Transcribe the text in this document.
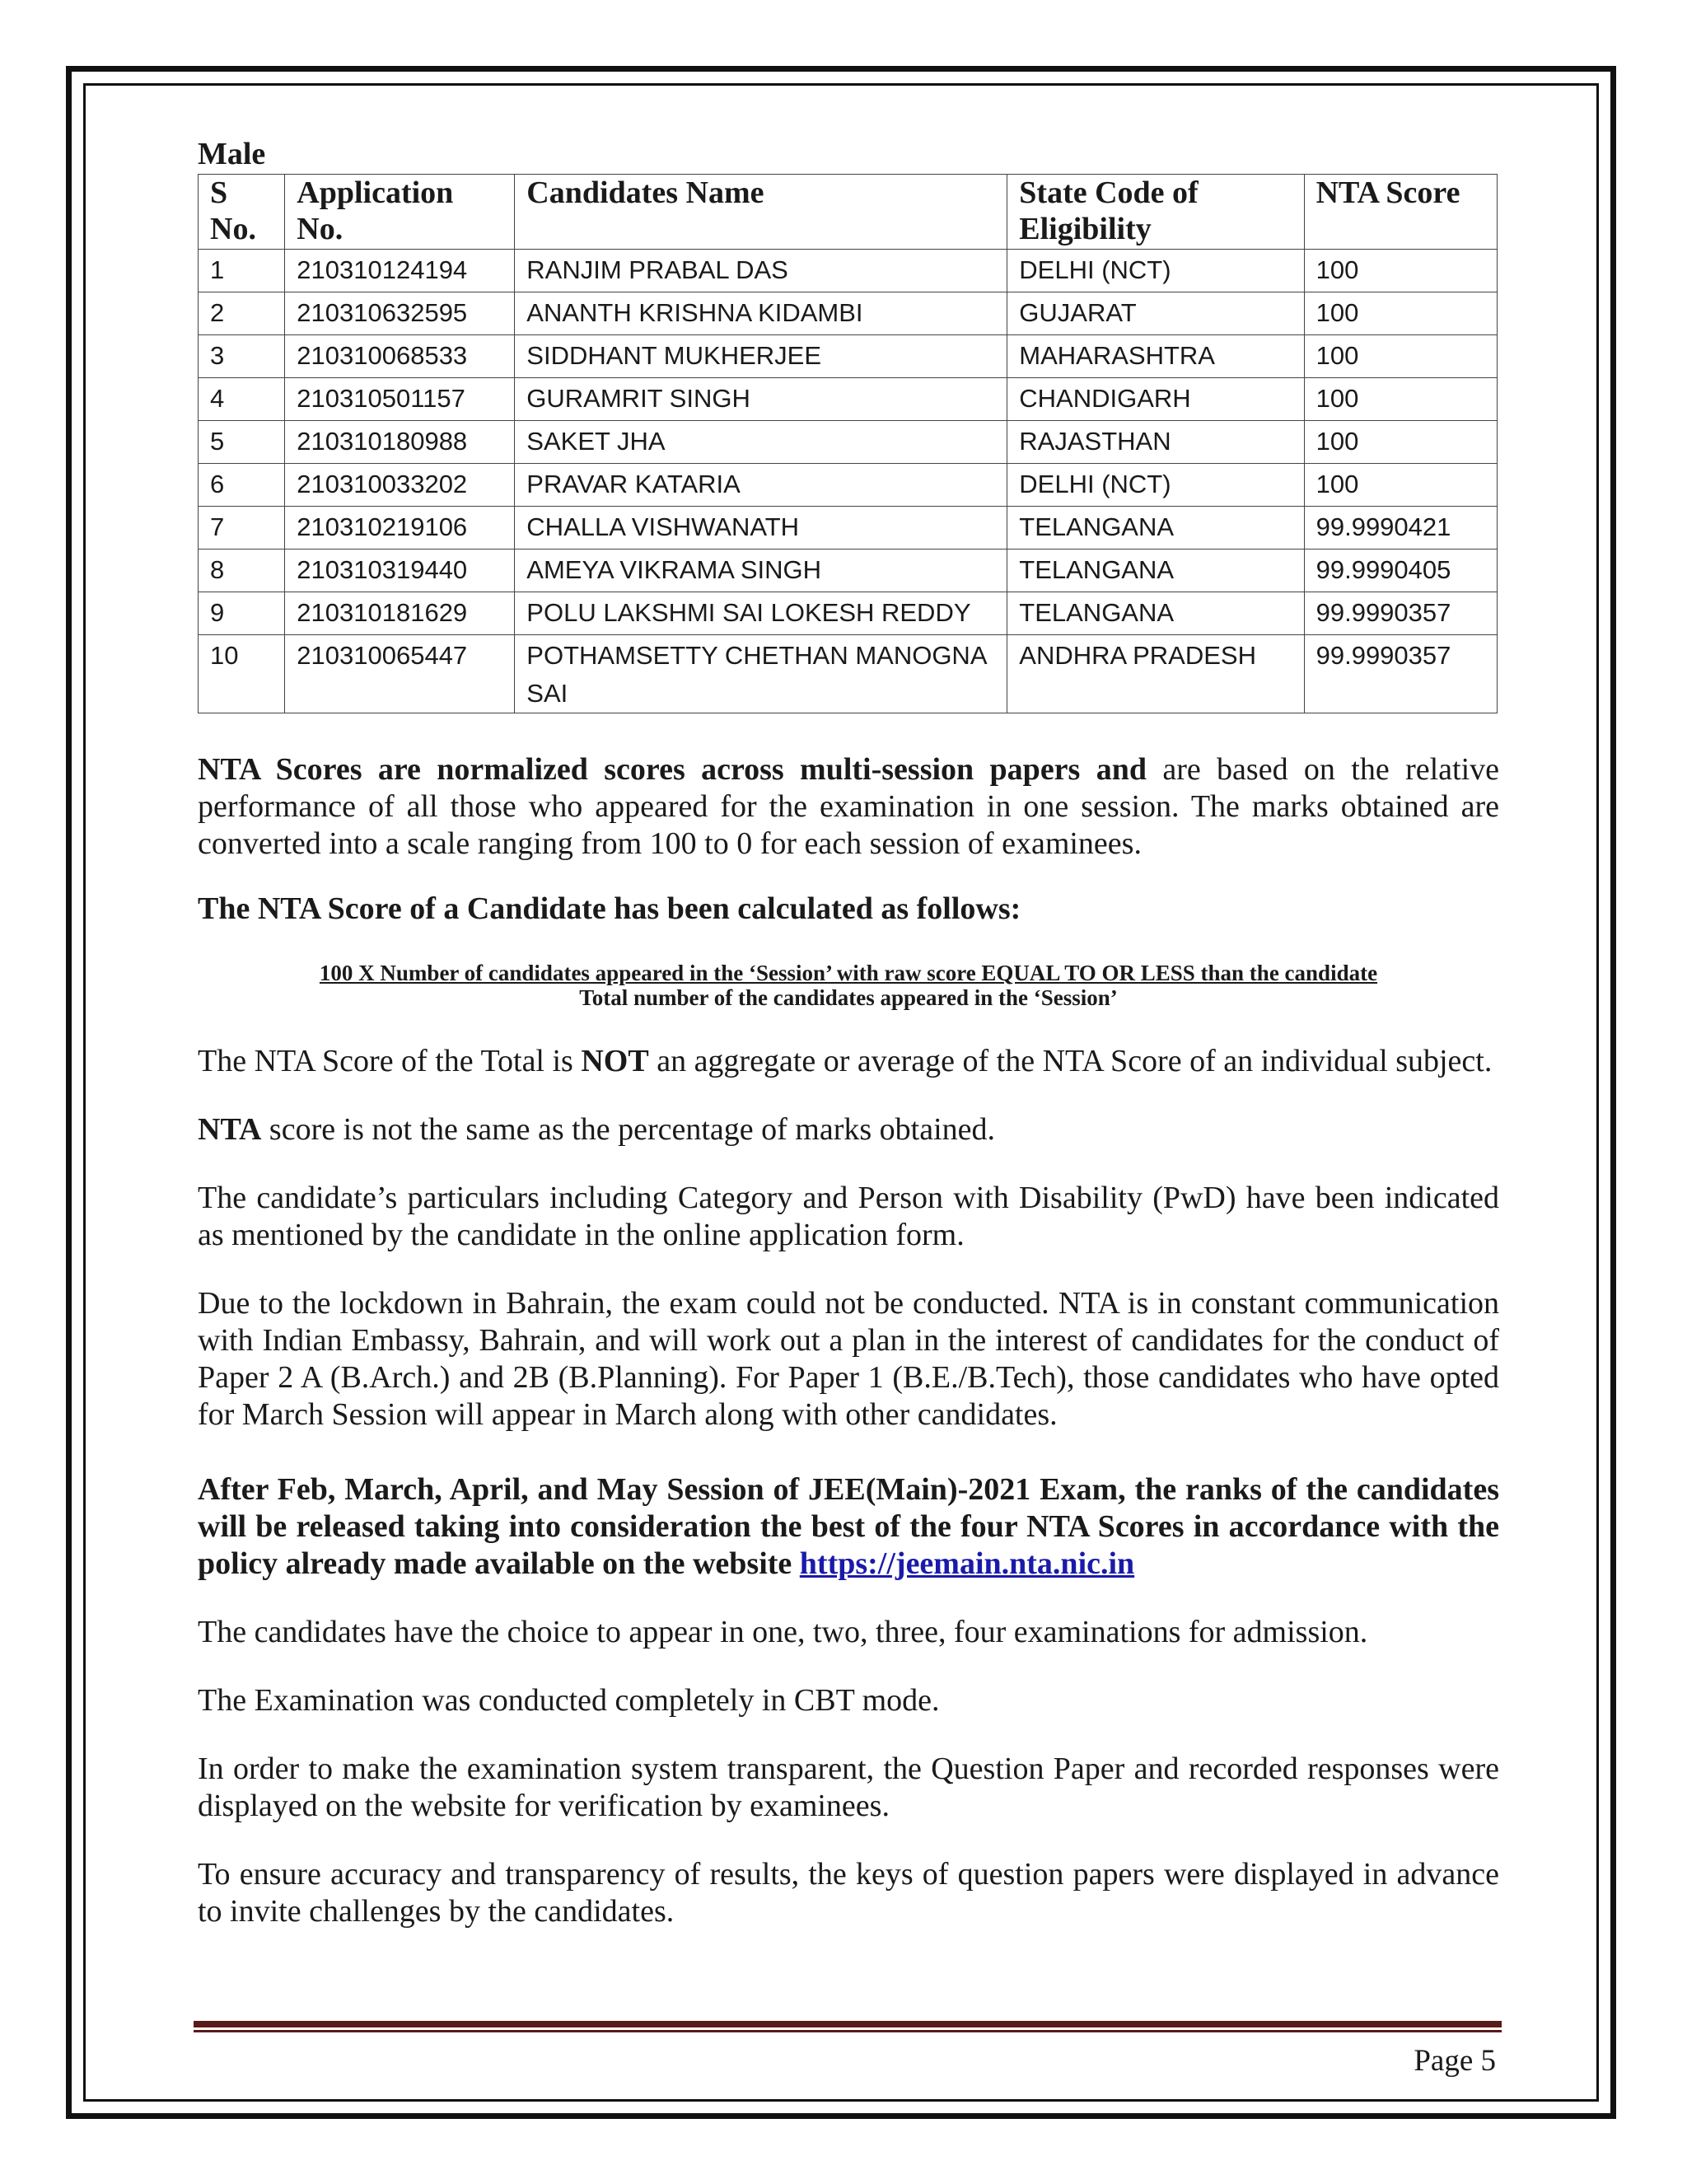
Male
S No.	Application No.	Candidates Name	State Code of Eligibility	NTA Score
1	210310124194	RANJIM PRABAL DAS	DELHI (NCT)	100
2	210310632595	ANANTH KRISHNA KIDAMBI	GUJARAT	100
3	210310068533	SIDDHANT MUKHERJEE	MAHARASHTRA	100
4	210310501157	GURAMRIT SINGH	CHANDIGARH	100
5	210310180988	SAKET JHA	RAJASTHAN	100
6	210310033202	PRAVAR KATARIA	DELHI (NCT)	100
7	210310219106	CHALLA VISHWANATH	TELANGANA	99.9990421
8	210310319440	AMEYA VIKRAMA SINGH	TELANGANA	99.9990405
9	210310181629	POLU LAKSHMI SAI LOKESH REDDY	TELANGANA	99.9990357
10	210310065447	POTHAMSETTY CHETHAN MANOGNA SAI	ANDHRA PRADESH	99.9990357

NTA Scores are normalized scores across multi-session papers and are based on the relative performance of all those who appeared for the examination in one session. The marks obtained are converted into a scale ranging from 100 to 0 for each session of examinees.

The NTA Score of a Candidate has been calculated as follows:

100 X Number of candidates appeared in the ‘Session’ with raw score EQUAL TO OR LESS than the candidate
Total number of the candidates appeared in the ‘Session’

The NTA Score of the Total is NOT an aggregate or average of the NTA Score of an individual subject.

NTA score is not the same as the percentage of marks obtained.

The candidate’s particulars including Category and Person with Disability (PwD) have been indicated as mentioned by the candidate in the online application form.

Due to the lockdown in Bahrain, the exam could not be conducted. NTA is in constant communication with Indian Embassy, Bahrain, and will work out a plan in the interest of candidates for the conduct of Paper 2 A (B.Arch.) and 2B (B.Planning). For Paper 1 (B.E./B.Tech), those candidates who have opted for March Session will appear in March along with other candidates.

After Feb, March, April, and May Session of JEE(Main)-2021 Exam, the ranks of the candidates will be released taking into consideration the best of the four NTA Scores in accordance with the policy already made available on the website https://jeemain.nta.nic.in

The candidates have the choice to appear in one, two, three, four examinations for admission.

The Examination was conducted completely in CBT mode.

In order to make the examination system transparent, the Question Paper and recorded responses were displayed on the website for verification by examinees.

To ensure accuracy and transparency of results, the keys of question papers were displayed in advance to invite challenges by the candidates.

Page 5
